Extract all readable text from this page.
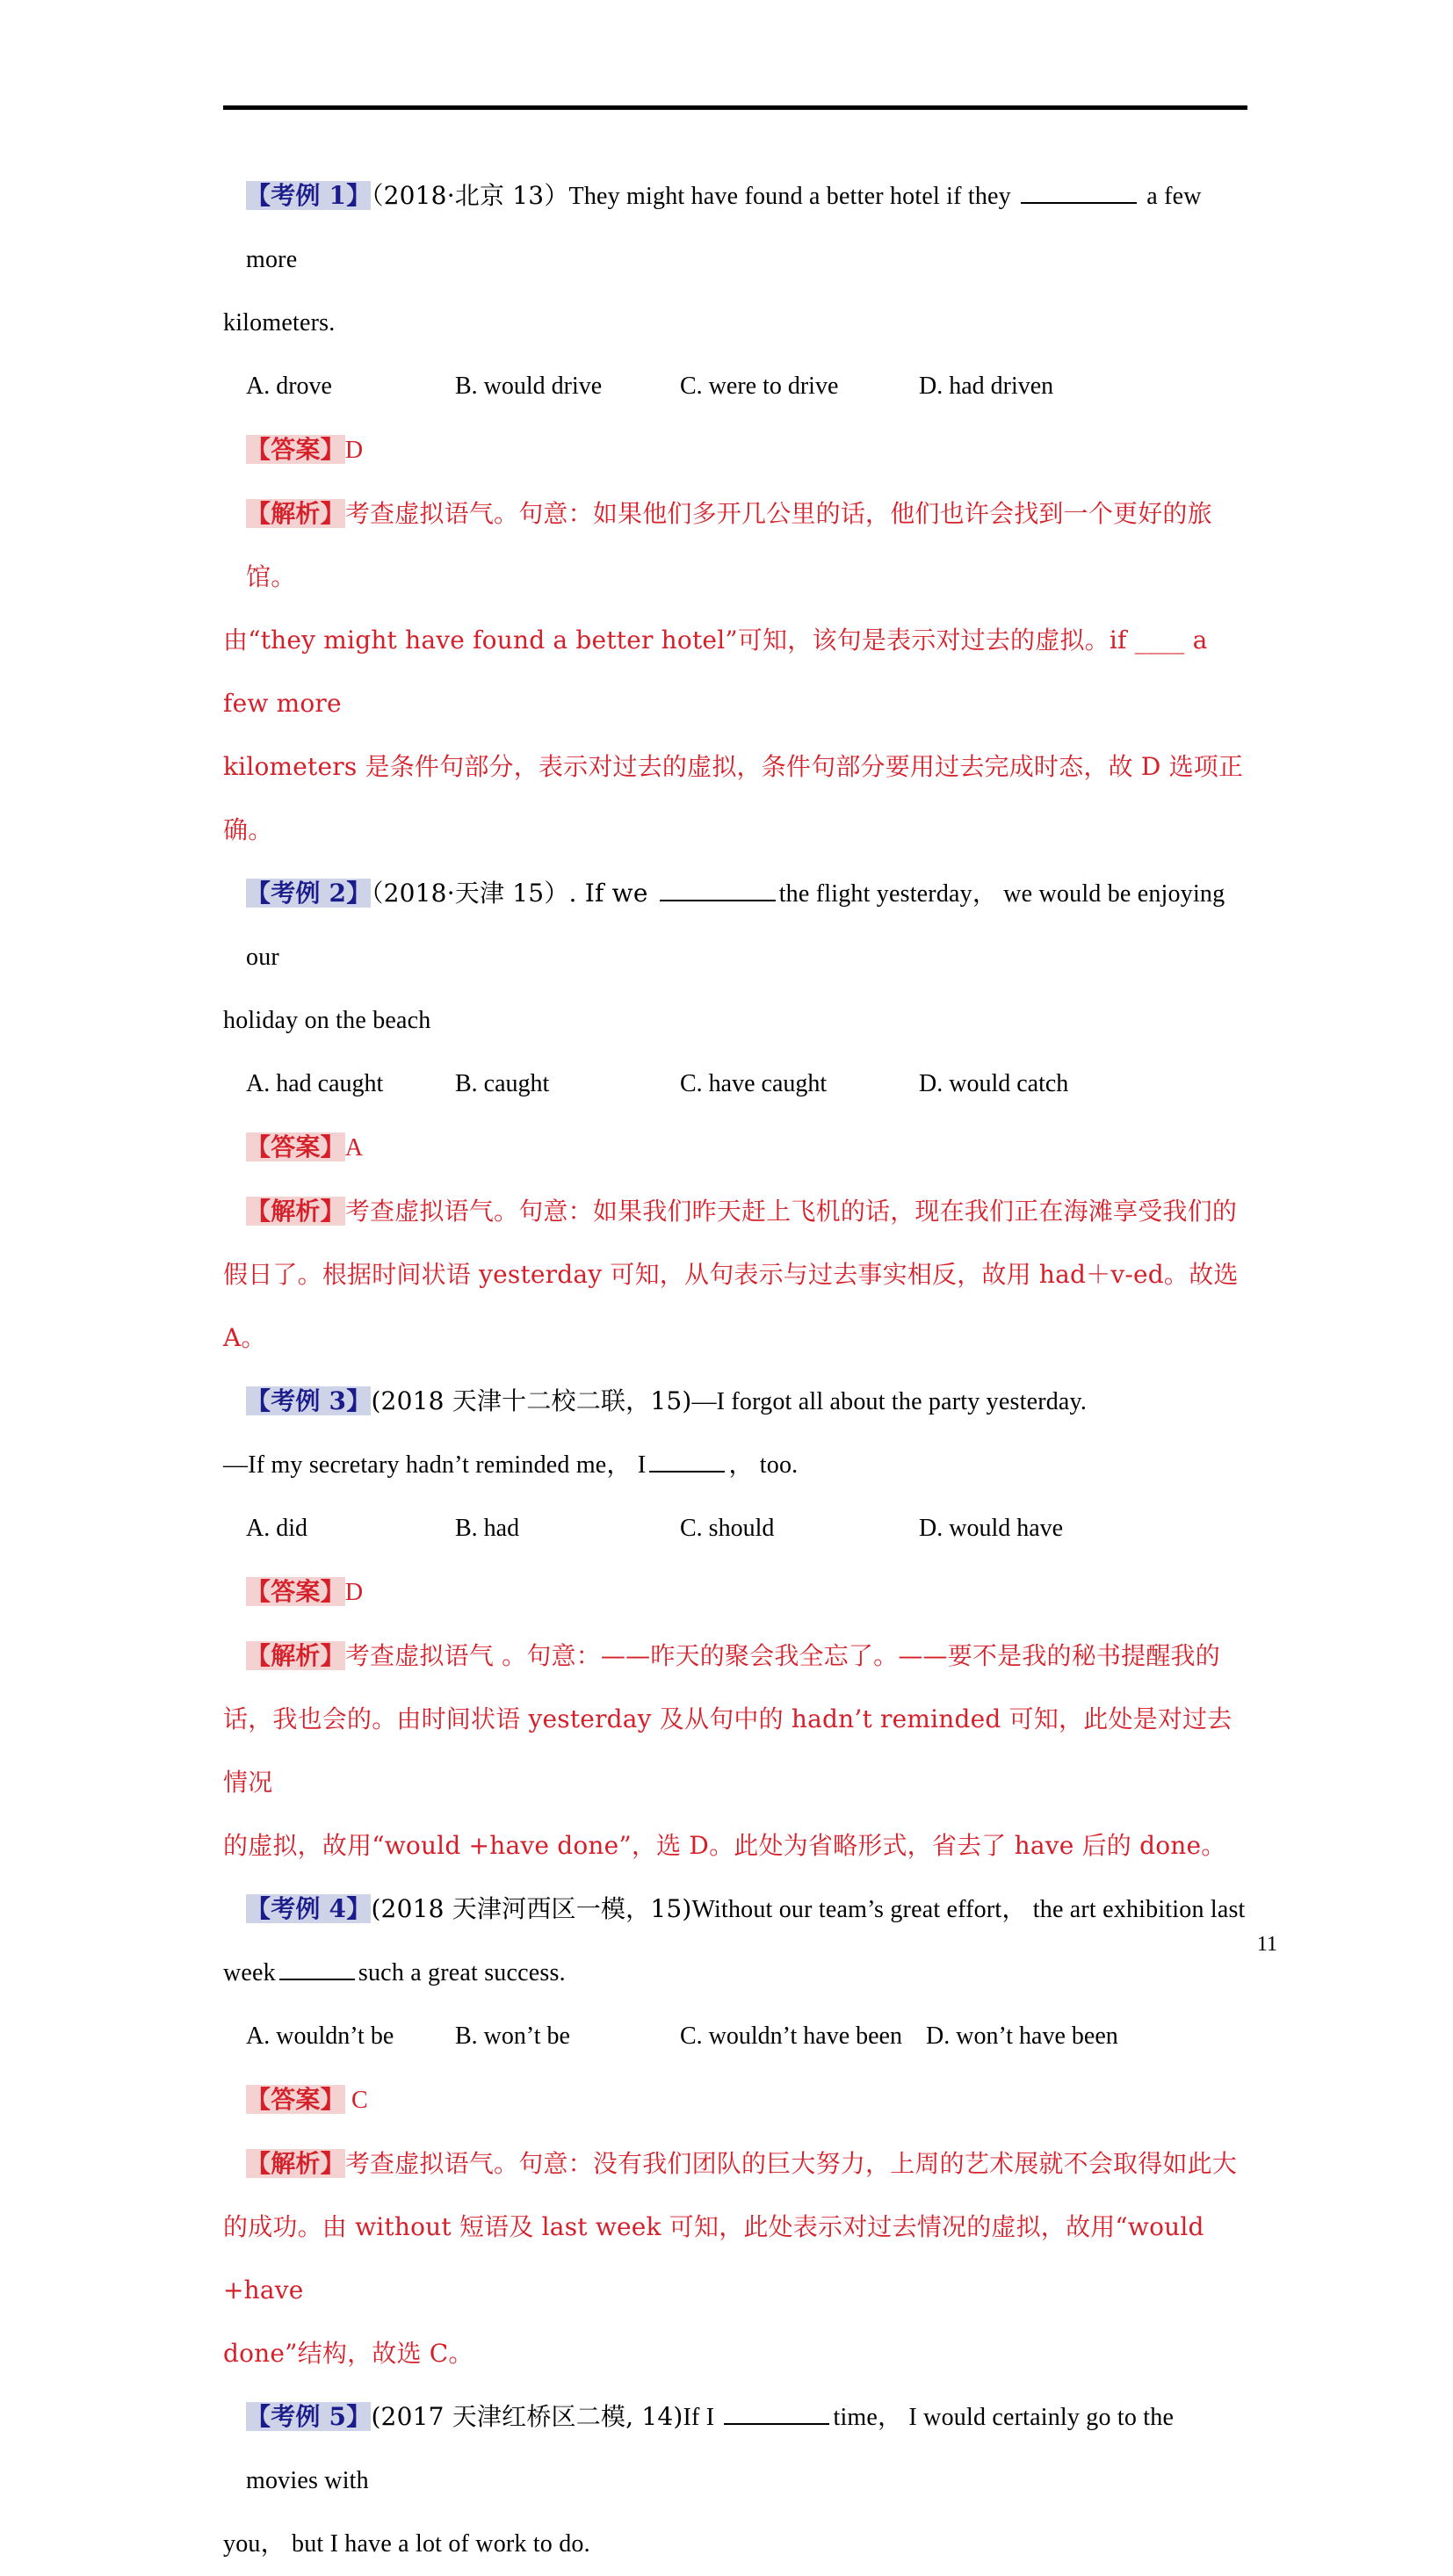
【考例 1】（2018·北京 13）They might have found a better hotel if they	a few more
kilometers.
A. drove	B. would drive	C. were to drive	D. had driven
【答案】D
【解析】考查虚拟语气。句意：如果他们多开几公里的话，他们也许会找到一个更好的旅馆。
由“they might have found a better hotel”可知，该句是表示对过去的虚拟。if ____ a few more
kilometers 是条件句部分，表示对过去的虚拟，条件句部分要用过去完成时态，故 D 选项正
确。
【考例 2】（2018·天津 15）. If we	the flight yesterday， we would be enjoying our
holiday on the beach
A. had caught	B. caught	C. have caught	D. would catch
【答案】A
【解析】考查虚拟语气。句意：如果我们昨天赶上飞机的话，现在我们正在海滩享受我们的
假日了。根据时间状语 yesterday 可知，从句表示与过去事实相反，故用 had＋v-ed。故选 A。
【考例 3】(2018 天津十二校二联，15)—I forgot all about the party yesterday.
—If my secretary hadn’t reminded me， I	， too.
A. did	B. had	C. should	D. would have
【答案】D
【解析】考查虚拟语气 。句意：——昨天的聚会我全忘了。——要不是我的秘书提醒我的
话，我也会的。由时间状语 yesterday 及从句中的 hadn’t reminded 可知，此处是对过去情况
的虚拟，故用“would +have done”，选 D。此处为省略形式，省去了 have 后的 done。
【考例 4】(2018 天津河西区一模，15)Without our team’s great effort， the art exhibition last
week	such a great success.
A. wouldn’t be B. won’t be	C. wouldn’t have been D. won’t have been
【答案】 C
【解析】考查虚拟语气。句意：没有我们团队的巨大努力，上周的艺术展就不会取得如此大
的成功。由 without 短语及 last week 可知，此处表示对过去情况的虚拟，故用“would +have
done”结构，故选 C。
【考例 5】(2017 天津红桥区二模, 14)If I	time， I would certainly go to the movies with
you， but I have a lot of work to do.
11
